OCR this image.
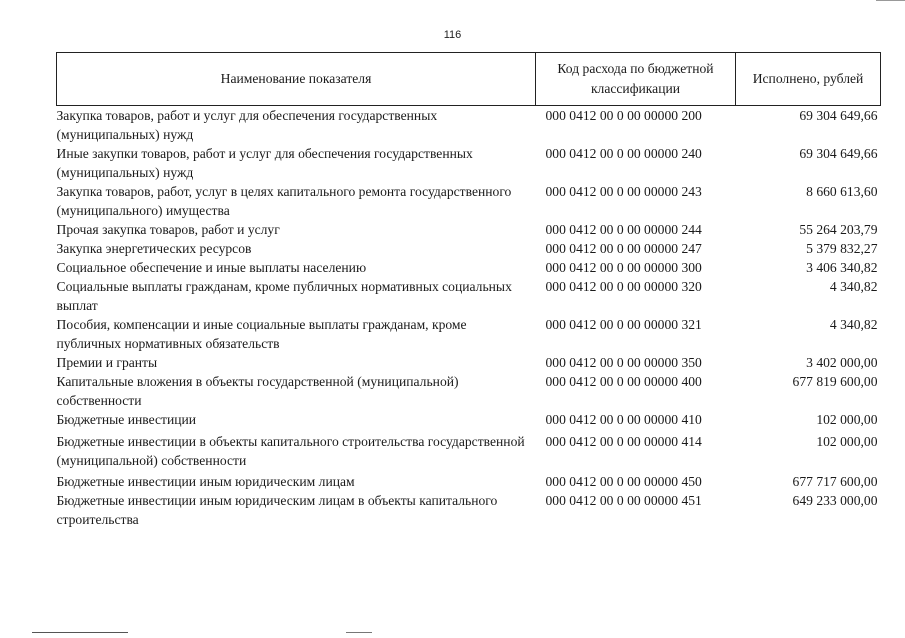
116
Наименование показателя	Код расхода по бюджетной классификации	Исполнено, рублей
Закупка товаров, работ и услуг для обеспечения государственных (муниципальных) нужд	000 0412 00 0 00 00000 200	69 304 649,66
Иные закупки товаров, работ и услуг для обеспечения государственных (муниципальных) нужд	000 0412 00 0 00 00000 240	69 304 649,66
Закупка товаров, работ, услуг в целях капитального ремонта государственного (муниципального) имущества	000 0412 00 0 00 00000 243	8 660 613,60
Прочая закупка товаров, работ и услуг	000 0412 00 0 00 00000 244	55 264 203,79
Закупка энергетических ресурсов	000 0412 00 0 00 00000 247	5 379 832,27
Социальное обеспечение и иные выплаты населению	000 0412 00 0 00 00000 300	3 406 340,82
Социальные выплаты гражданам, кроме публичных нормативных социальных выплат	000 0412 00 0 00 00000 320	4 340,82
Пособия, компенсации и иные социальные выплаты гражданам, кроме публичных нормативных обязательств	000 0412 00 0 00 00000 321	4 340,82
Премии и гранты	000 0412 00 0 00 00000 350	3 402 000,00
Капитальные вложения в объекты государственной (муниципальной) собственности	000 0412 00 0 00 00000 400	677 819 600,00
Бюджетные инвестиции	000 0412 00 0 00 00000 410	102 000,00
Бюджетные инвестиции в объекты капитального строительства государственной (муниципальной) собственности	000 0412 00 0 00 00000 414	102 000,00
Бюджетные инвестиции иным юридическим лицам	000 0412 00 0 00 00000 450	677 717 600,00
Бюджетные инвестиции иным юридическим лицам в объекты капитального строительства	000 0412 00 0 00 00000 451	649 233 000,00
